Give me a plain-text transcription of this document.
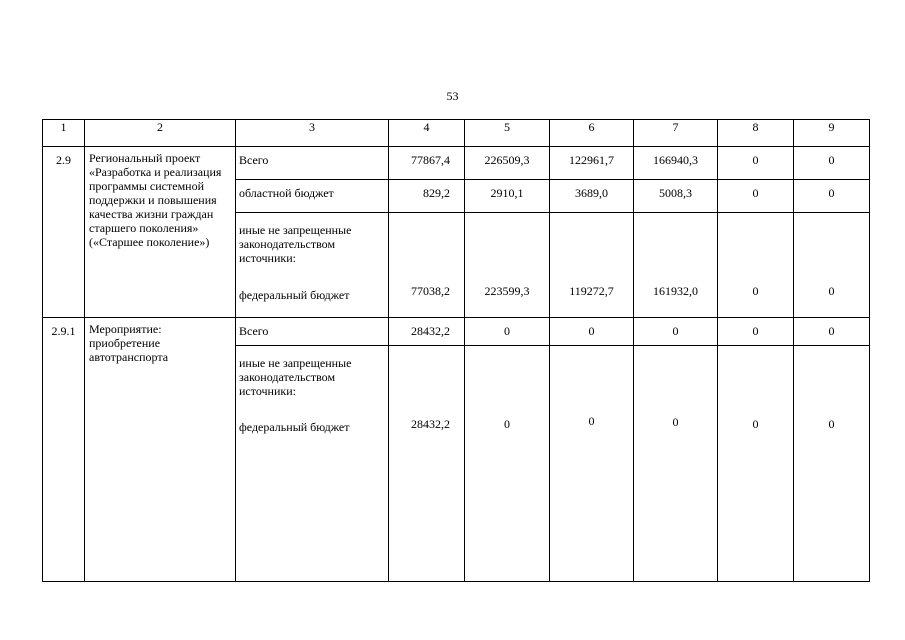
53
1	2	3	4	5	6	7	8	9
2.9	Региональный проект «Разработка и реализация программы системной поддержки и повышения качества жизни граждан старшего поколения» («Старшее поколение»)	Всего	77867,4	226509,3	122961,7	166940,3	0	0
		областной бюджет	829,2	2910,1	3689,0	5008,3	0	0

		иные не запрещенные законодательством источники:
федеральный бюджет	77038,2	223599,3	119272,7	161932,0	0	0
2.9.1	Мероприятие: приобретение автотранспорта	Всего	28432,2	0	0	0	0	0

		иные не запрещенные законодательством источники:
федеральный бюджет	28432,2	0	0	0	0	0
